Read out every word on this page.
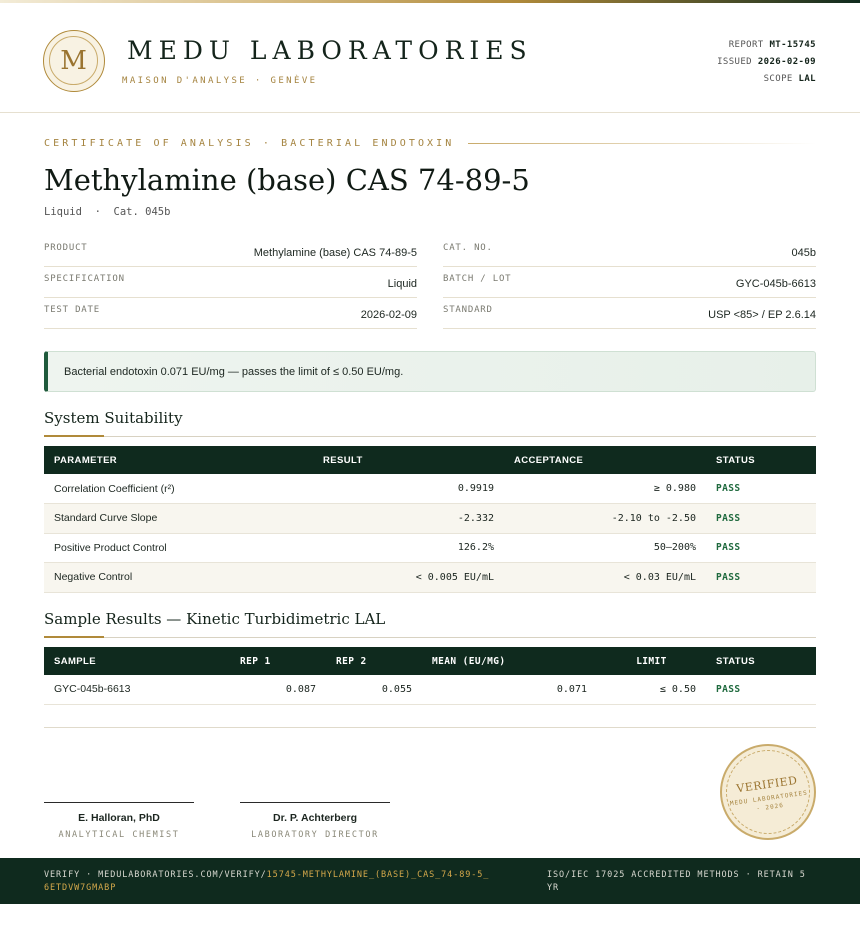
M	MEDU LABORATORIES
MAISON D'ANALYSE · GENÈVE
REPORT MT-15745
ISSUED 2026-02-09
SCOPE LAL
CERTIFICATE OF ANALYSIS · BACTERIAL ENDOTOXIN
Methylamine (base) CAS 74-89-5
Liquid  ·  Cat. 045b
PRODUCT	Methylamine (base) CAS 74-89-5
SPECIFICATION	Liquid
TEST DATE	2026-02-09
CAT. NO.	045b
BATCH / LOT	GYC-045b-6613
STANDARD	USP <85> / EP 2.6.14
Bacterial endotoxin 0.071 EU/mg — passes the limit of ≤ 0.50 EU/mg.
System Suitability
PARAMETER	RESULT	ACCEPTANCE	STATUS
Correlation Coefficient (r²)	0.9919	≥ 0.980	PASS
Standard Curve Slope	-2.332	-2.10 to -2.50	PASS
Positive Product Control	126.2%	50–200%	PASS
Negative Control	< 0.005 EU/mL	< 0.03 EU/mL	PASS
Sample Results — Kinetic Turbidimetric LAL
SAMPLE	REP 1	REP 2	MEAN (EU/MG)	LIMIT	STATUS
GYC-045b-6613	0.087	0.055	0.071	≤ 0.50	PASS
E. Halloran, PhD
ANALYTICAL CHEMIST
Dr. P. Achterberg
LABORATORY DIRECTOR
VERIFIED
MEDU LABORATORIES · 2026
VERIFY · MEDULABORATORIES.COM/VERIFY/15745-METHYLAMINE_(BASE)_CAS_74-89-5_6ETDVW7GMABP
ISO/IEC 17025 ACCREDITED METHODS · RETAIN 5 YR
